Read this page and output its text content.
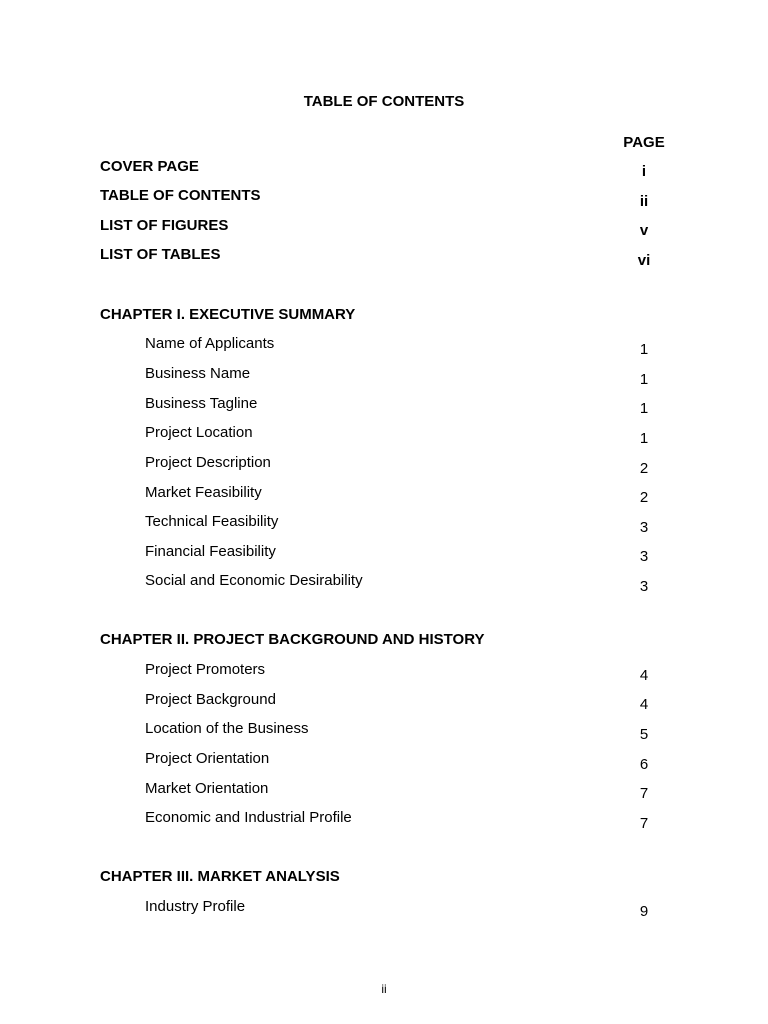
TABLE OF CONTENTS
PAGE
COVER PAGE	i
TABLE OF CONTENTS	ii
LIST OF FIGURES	v
LIST OF TABLES	vi
CHAPTER I. EXECUTIVE SUMMARY
Name of Applicants	1
Business Name	1
Business Tagline	1
Project Location	1
Project Description	2
Market Feasibility	2
Technical Feasibility	3
Financial Feasibility	3
Social and Economic Desirability	3
CHAPTER II. PROJECT BACKGROUND AND HISTORY
Project Promoters	4
Project Background	4
Location of the Business	5
Project Orientation	6
Market Orientation	7
Economic and Industrial Profile	7
CHAPTER III. MARKET ANALYSIS
Industry Profile	9
ii
